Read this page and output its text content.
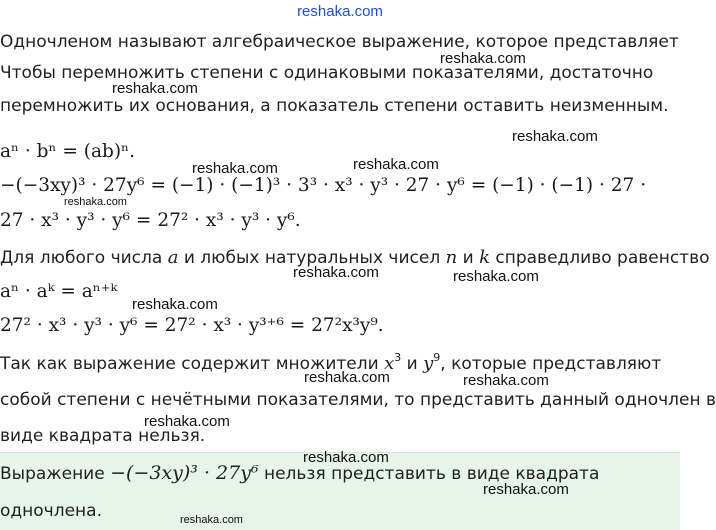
reshaka.com
Одночленом называют алгебраическое выражение, которое представляет
Чтобы перемножить степени с одинаковыми показателями, достаточно
перемножить их основания, а показатель степени оставить неизменным.
aⁿ · bⁿ = (ab)ⁿ.
−(−3xy)³ · 27y⁶ = (−1) · (−1)³ · 3³ · x³ · y³ · 27 · y⁶ = (−1) · (−1) · 27 ·
27 · x³ · y³ · y⁶ = 27² · x³ · y³ · y⁶.
Для любого числа a и любых натуральных чисел n и k справедливо равенство
aⁿ · aᵏ = aⁿ⁺ᵏ
27² · x³ · y³ · y⁶ = 27² · x³ · y³⁺⁶ = 27²x³y⁹.
Так как выражение содержит множители $x^3$ и $y^9$, которые представляют
собой степени с нечётными показателями, то представить данный одночлен в
виде квадрата нельзя.
Выражение −(−3xy)³ · 27y⁶ нельзя представить в виде квадрата
одночлена.
reshaka.com
reshaka.com
reshaka.com
reshaka.com
reshaka.com
reshaka.com
reshaka.com	reshaka.com
reshaka.com
reshaka.com	reshaka.com
reshaka.com
reshaka.com
reshaka.com
reshaka.com
